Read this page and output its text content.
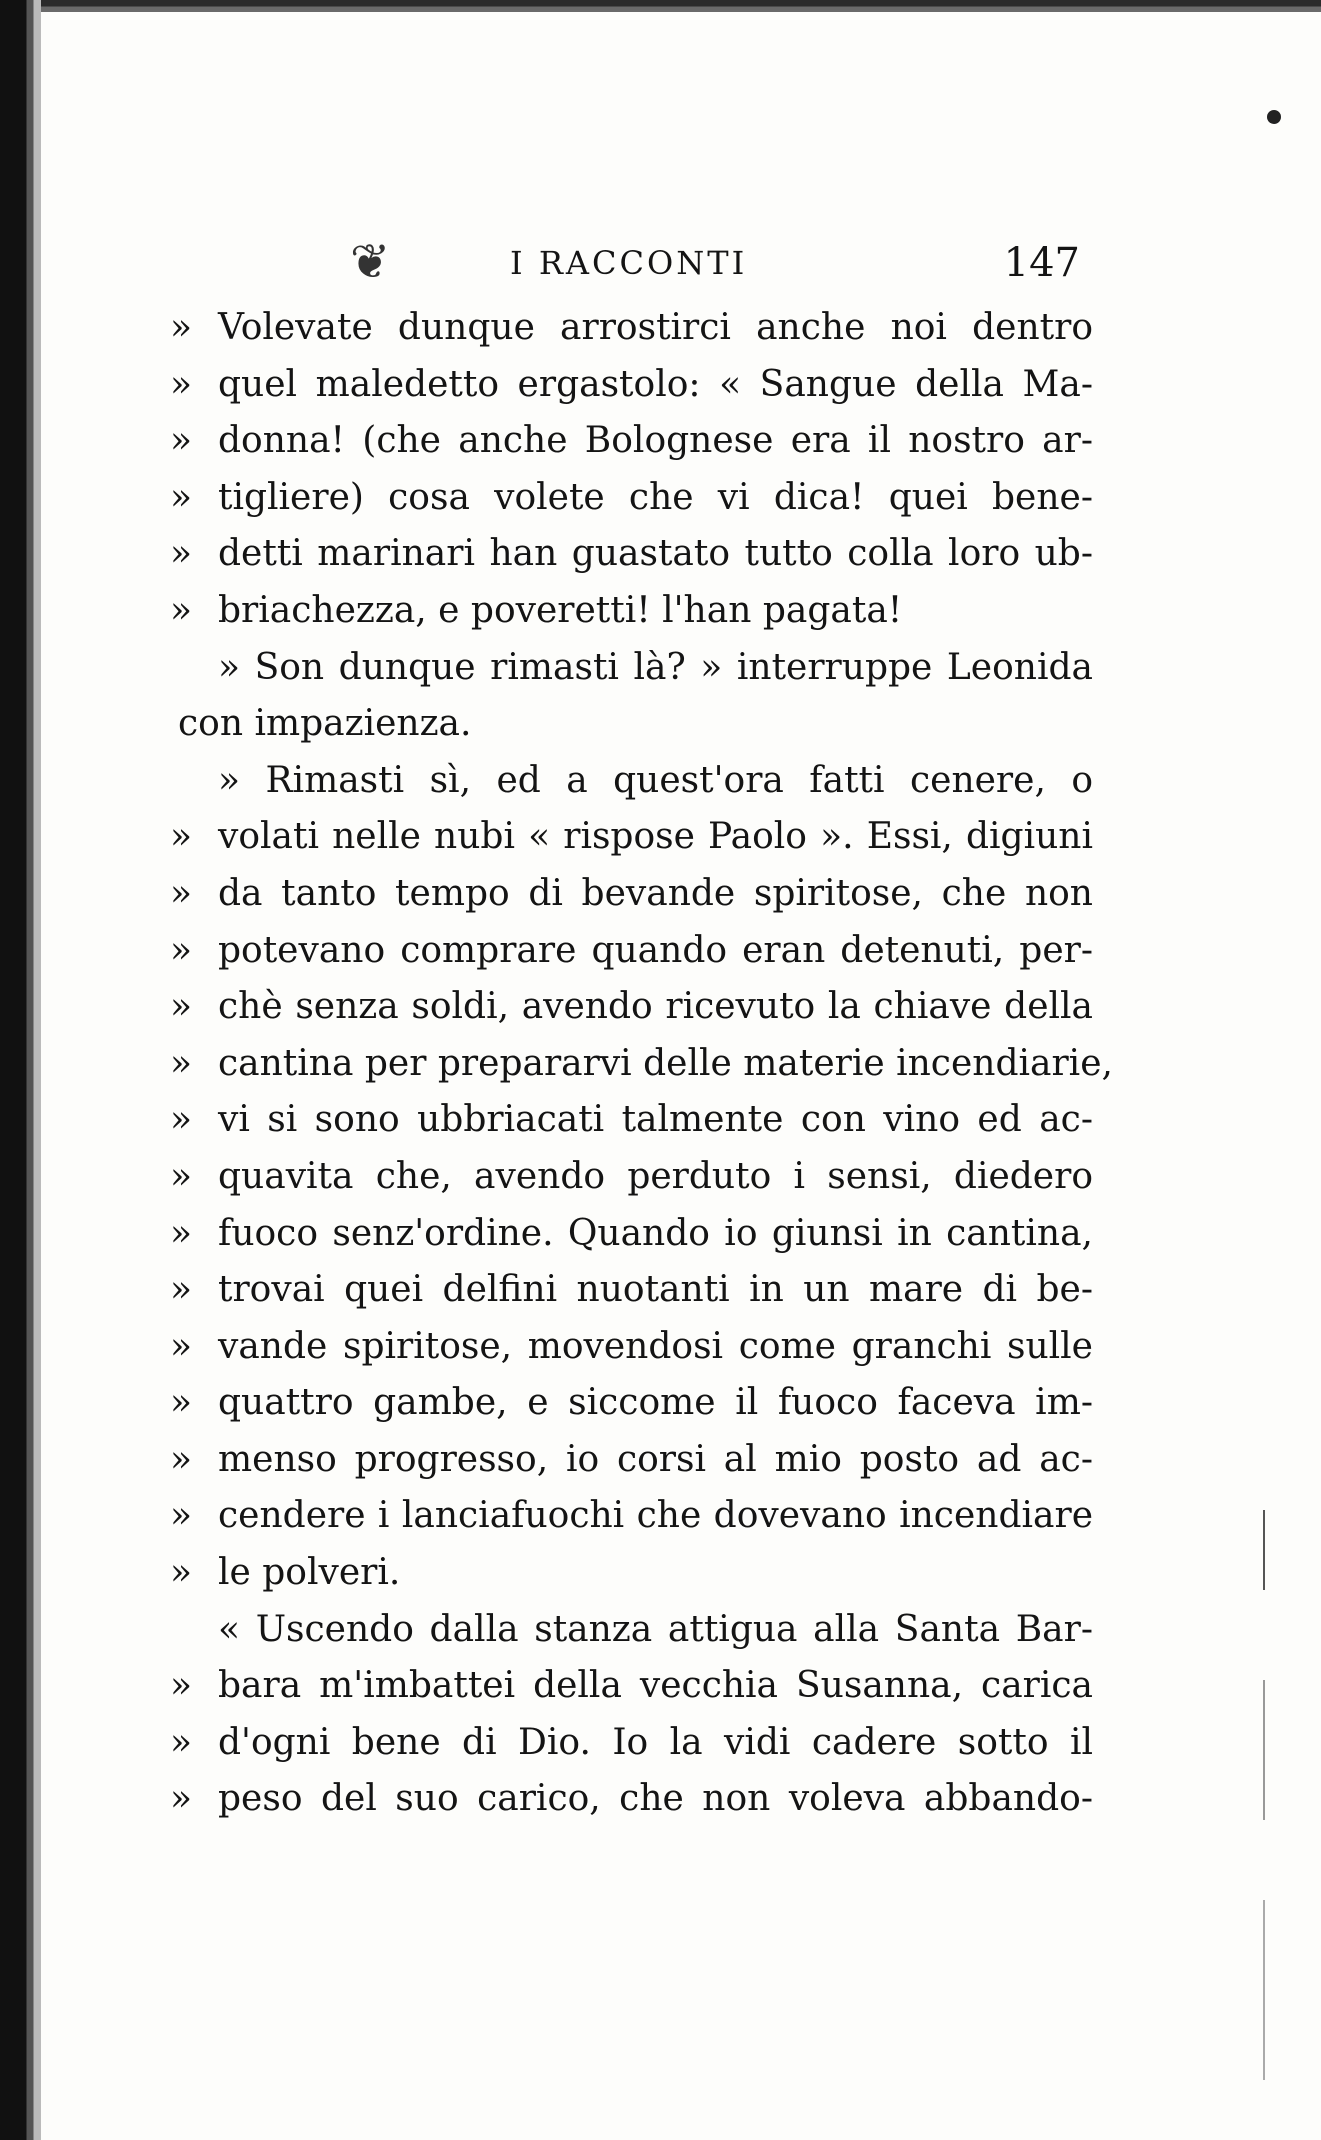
❦	I RACCONTI	147
» Volevate dunque arrostirci anche noi dentro
» quel maledetto ergastolo: « Sangue della Ma-
» donna! (che anche Bolognese era il nostro ar-
» tigliere) cosa volete che vi dica! quei bene-
» detti marinari han guastato tutto colla loro ub-
» briachezza, e poveretti! l'han pagata!
» Son dunque rimasti là? » interruppe Leonida
con impazienza.
» Rimasti sì, ed a quest'ora fatti cenere, o
» volati nelle nubi « rispose Paolo ». Essi, digiuni
» da tanto tempo di bevande spiritose, che non
» potevano comprare quando eran detenuti, per-
» chè senza soldi, avendo ricevuto la chiave della
» cantina per prepararvi delle materie incendiarie,
» vi si sono ubbriacati talmente con vino ed ac-
» quavita che, avendo perduto i sensi, diedero
» fuoco senz'ordine. Quando io giunsi in cantina,
» trovai quei delfini nuotanti in un mare di be-
» vande spiritose, movendosi come granchi sulle
» quattro gambe, e siccome il fuoco faceva im-
» menso progresso, io corsi al mio posto ad ac-
» cendere i lanciafuochi che dovevano incendiare
» le polveri.
« Uscendo dalla stanza attigua alla Santa Bar-
» bara m'imbattei della vecchia Susanna, carica
» d'ogni bene di Dio. Io la vidi cadere sotto il
» peso del suo carico, che non voleva abbando-
